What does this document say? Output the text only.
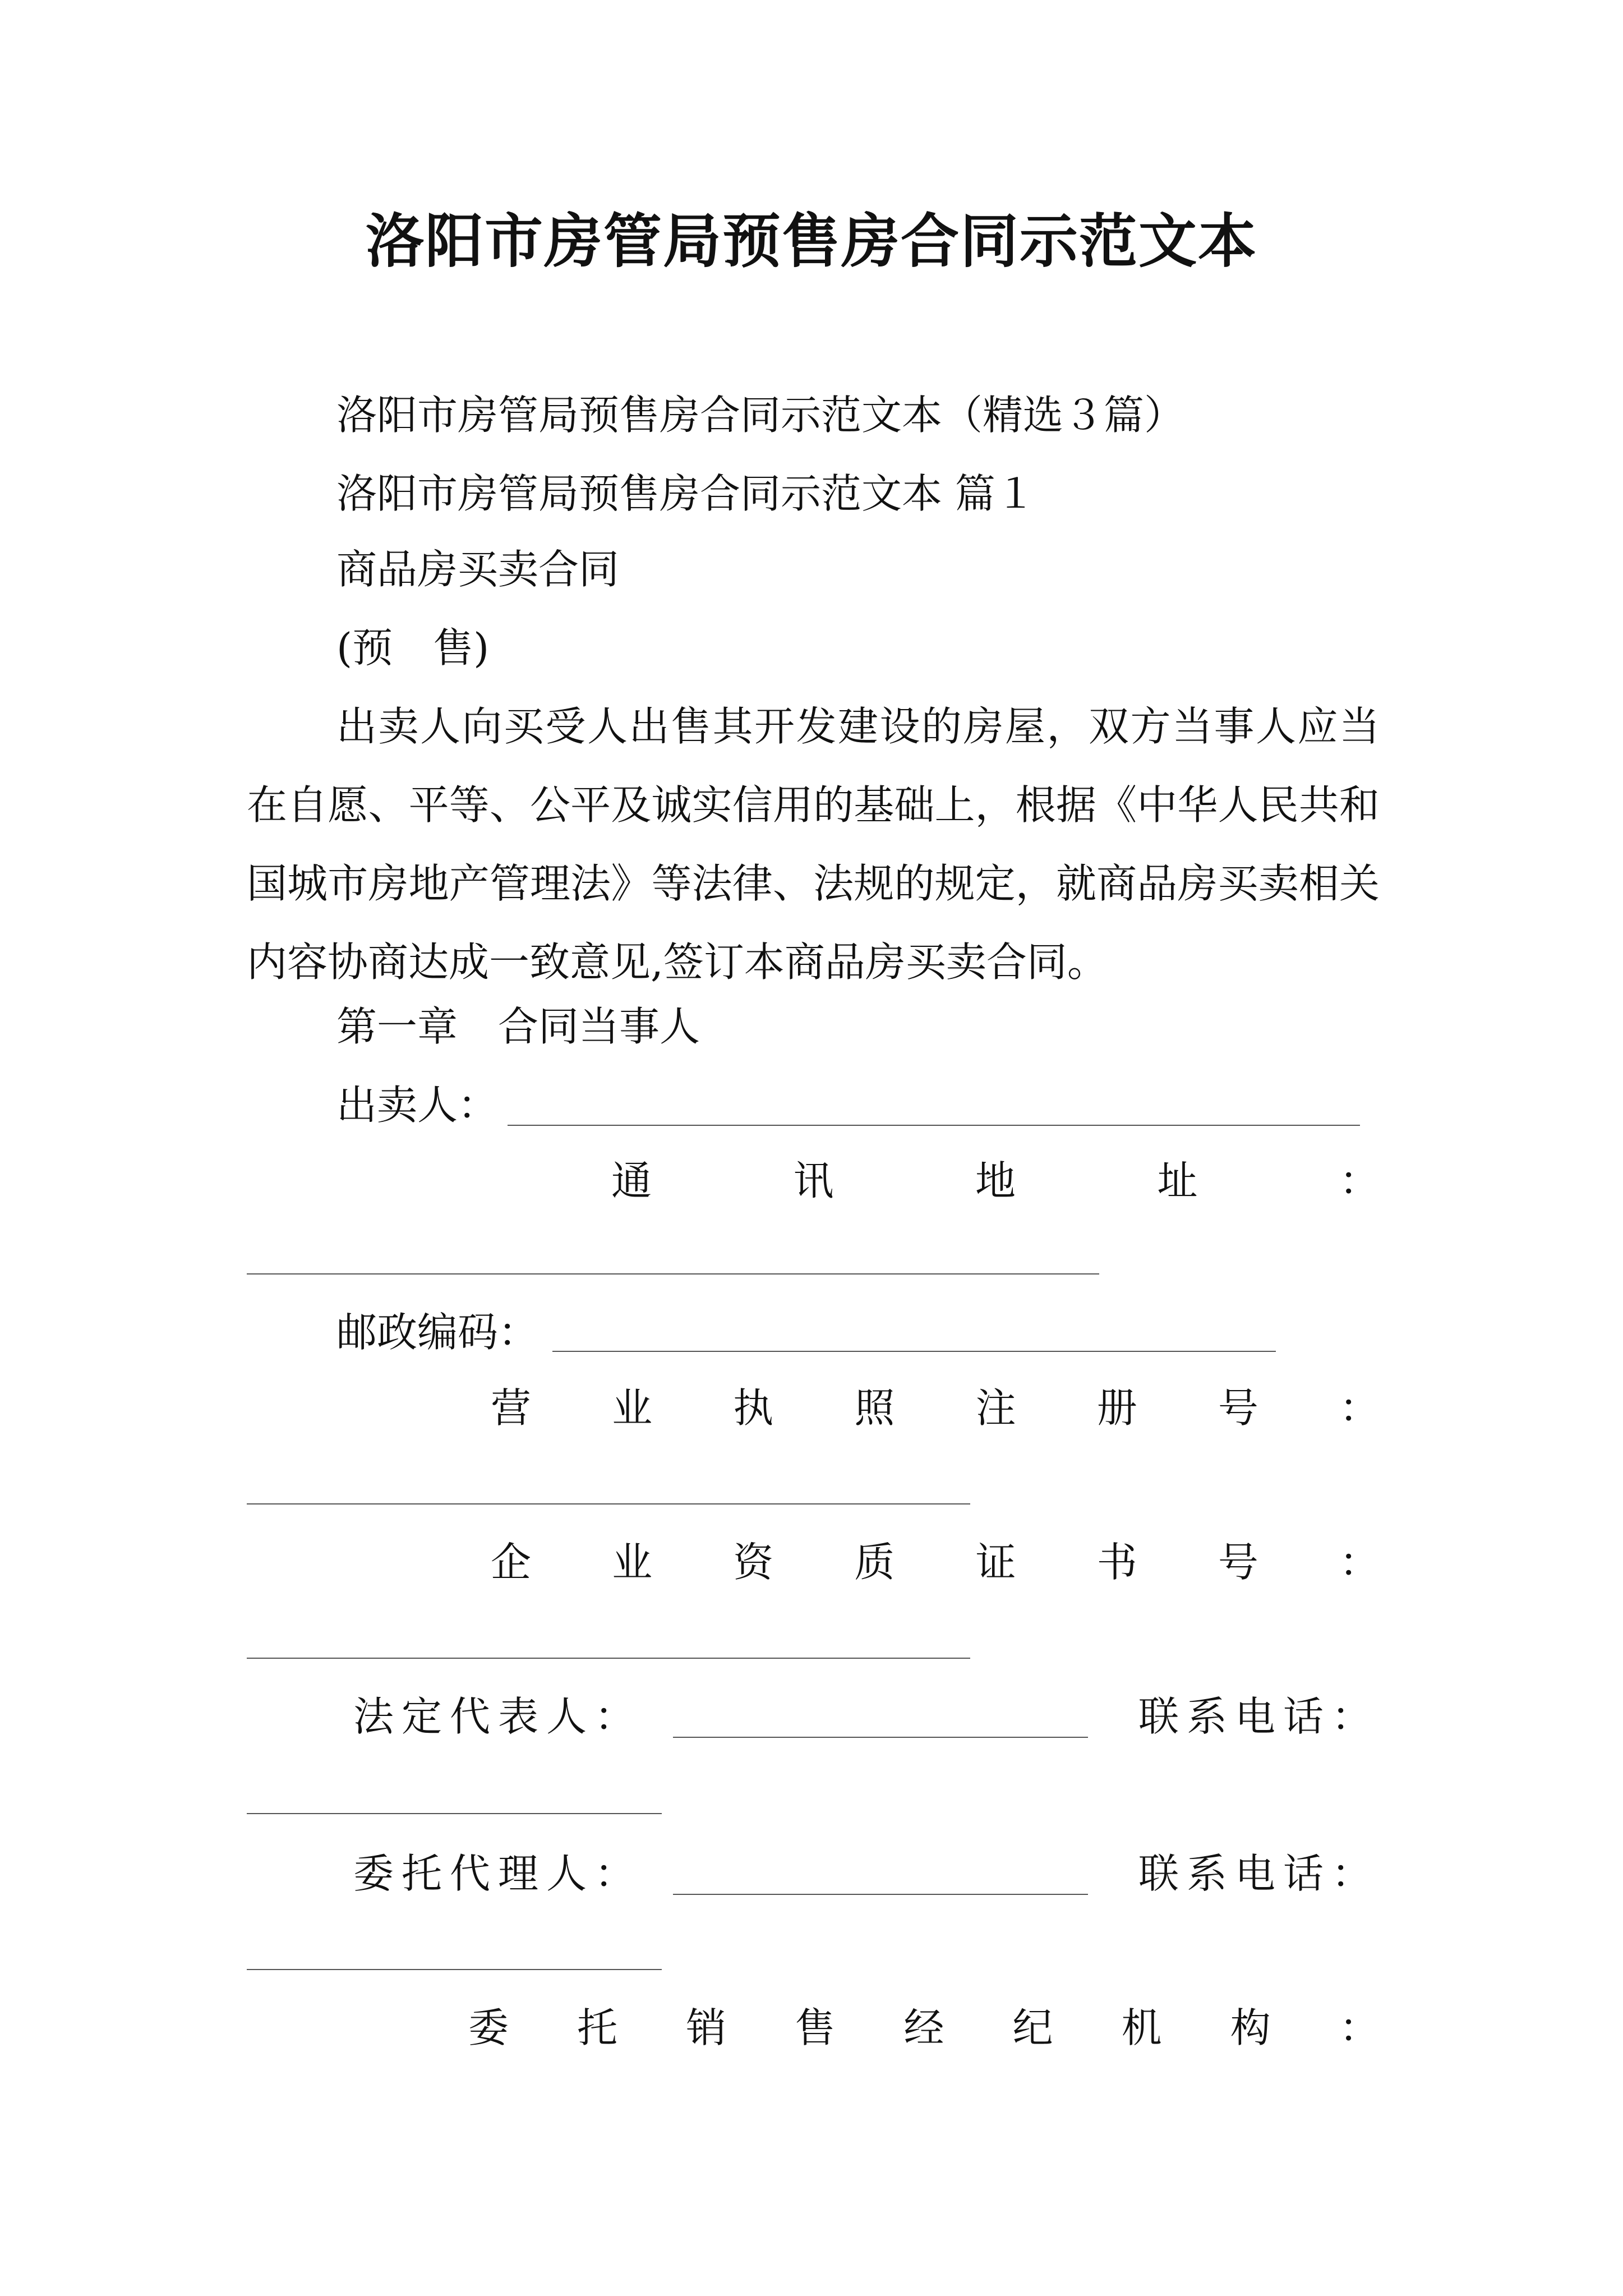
洛阳市房管局预售房合同示范文本
洛阳市房管局预售房合同示范文本（精选３篇）
洛阳市房管局预售房合同示范文本 篇１
商品房买卖合同
(预　售)
出卖人向买受人出售其开发建设的房屋，双方当事人应当在自愿、平等、公平及诚实信用的基础上，根据《中华人民共和国城市房地产管理法》等法律、法规的规定，就商品房买卖相关内容协商达成一致意见,签订本商品房买卖合同。
第一章　合同当事人
出卖人：
通	讯	地	址	：
邮政编码：
营 业 执 照 注 册 号 ：
企 业 资 质 证 书 号 ：
法定代表人：	联系电话：
委托代理人：	联系电话：
委 托 销 售 经 纪 机 构 ：
